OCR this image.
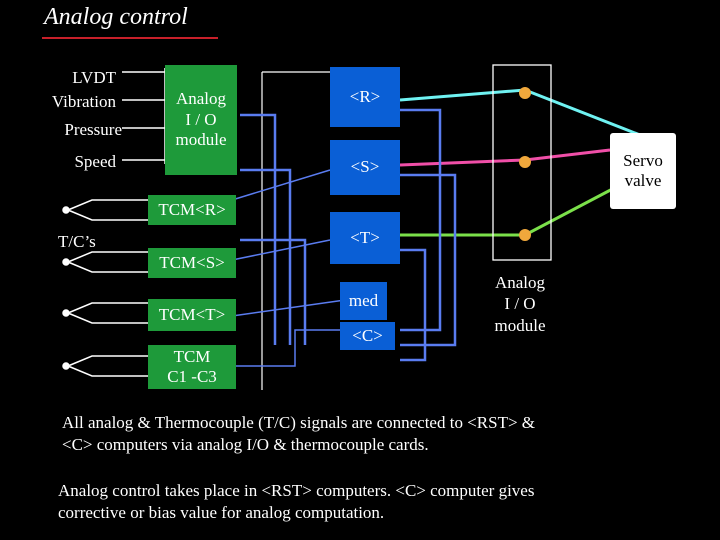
Analog control
LVDT
Vibration
Pressure
Speed
T/C’s
Analog
I / O
module
TCM<R>
TCM<S>
TCM<T>
TCM
C1 -C3
<R>
<S>
<T>
med
<C>
Analog
I / O
module
Servo
valve
All analog & Thermocouple (T/C) signals are connected to <RST> &
<C> computers via analog I/O & thermocouple cards.
Analog control takes place in <RST> computers. <C> computer gives
corrective or bias value for analog computation.
